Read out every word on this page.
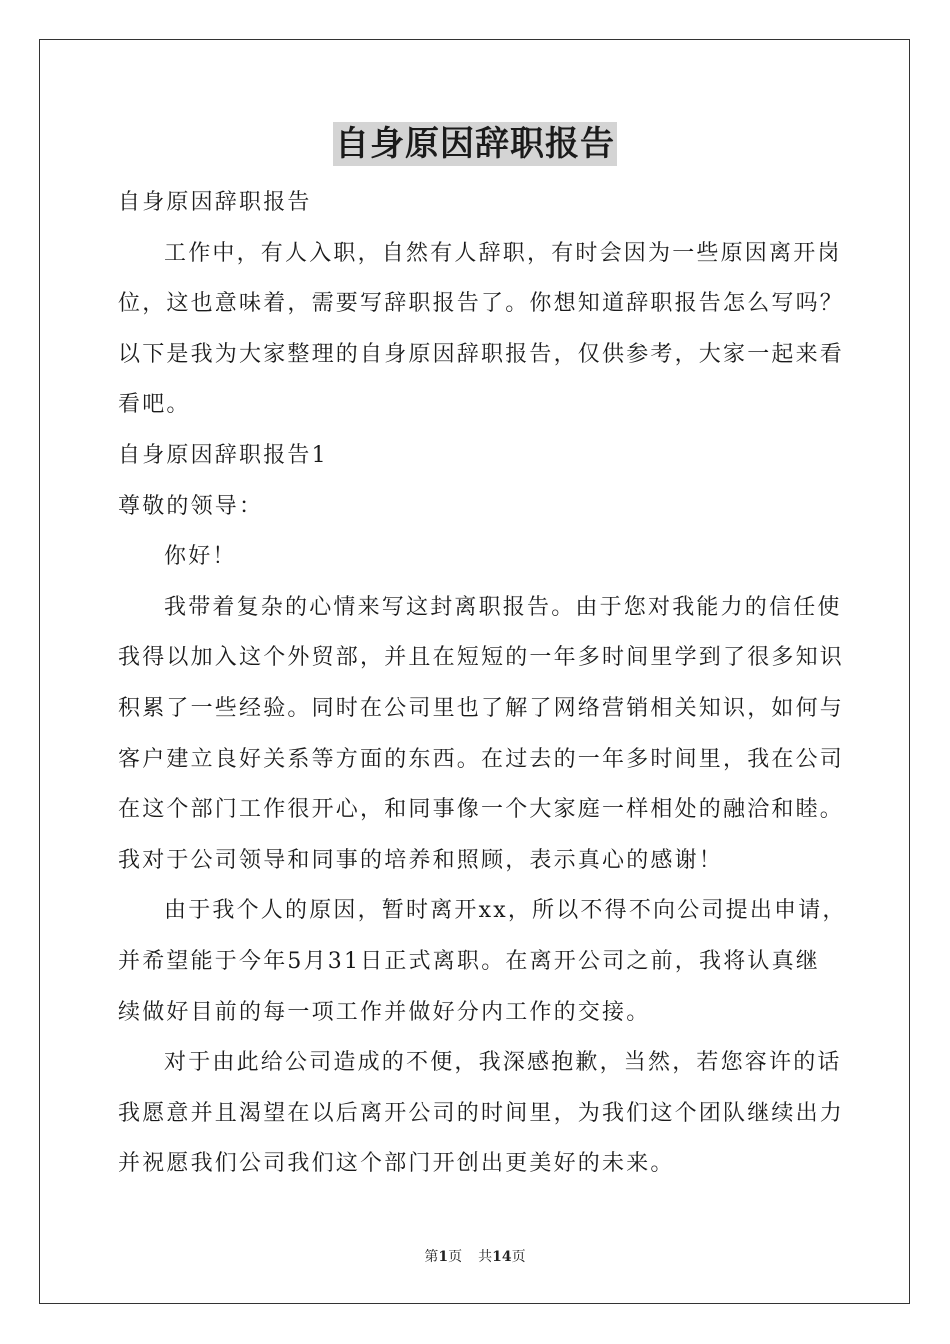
自身原因辞职报告
自身原因辞职报告
工作中，有人入职，自然有人辞职，有时会因为一些原因离开岗
位，这也意味着，需要写辞职报告了。你想知道辞职报告怎么写吗？
以下是我为大家整理的自身原因辞职报告，仅供参考，大家一起来看
看吧。
自身原因辞职报告1
尊敬的领导：
你好！
我带着复杂的心情来写这封离职报告。由于您对我能力的信任使
我得以加入这个外贸部，并且在短短的一年多时间里学到了很多知识
积累了一些经验。同时在公司里也了解了网络营销相关知识，如何与
客户建立良好关系等方面的东西。在过去的一年多时间里，我在公司
在这个部门工作很开心，和同事像一个大家庭一样相处的融洽和睦。
我对于公司领导和同事的培养和照顾，表示真心的感谢！
由于我个人的原因，暂时离开xx，所以不得不向公司提出申请，
并希望能于今年5月31日正式离职。在离开公司之前，我将认真继
续做好目前的每一项工作并做好分内工作的交接。
对于由此给公司造成的不便，我深感抱歉，当然，若您容许的话
我愿意并且渴望在以后离开公司的时间里，为我们这个团队继续出力
并祝愿我们公司我们这个部门开创出更美好的未来。
第1页 共14页
